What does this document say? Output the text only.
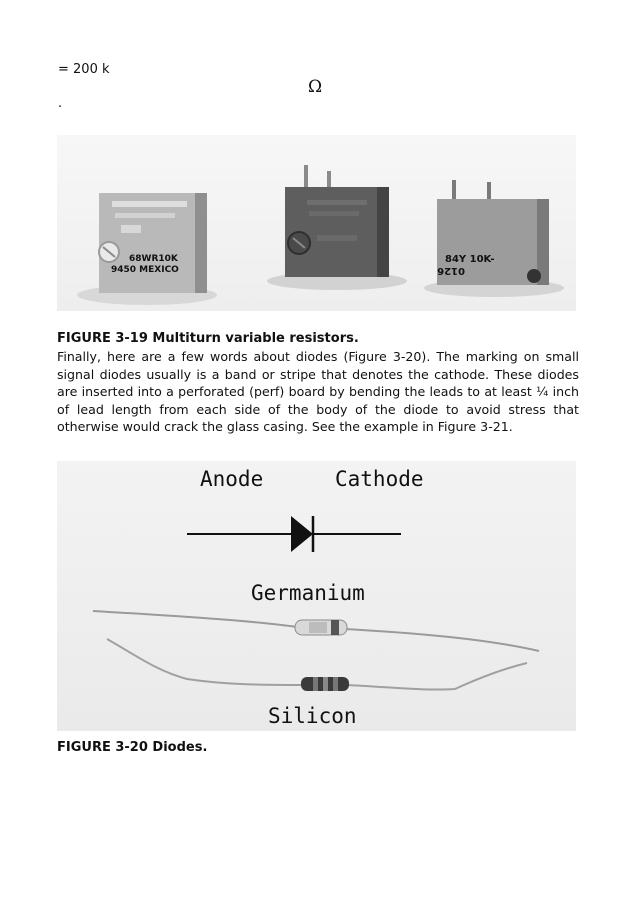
= 200 k
Ω
.
68WR10K
9450 MEXICO
84Y 10K-
0126
FIGURE 3-19 Multiturn variable resistors.

Finally, here are a few words about diodes (Figure 3-20). The marking on small signal diodes usually is a band or stripe that denotes the cathode. These diodes are inserted into a perforated (perf) board by bending the leads to at least ¼ inch of lead length from each side of the body of the diode to avoid stress that otherwise would crack the glass casing. See the example in Figure 3-21.

Anode	Cathode
Germanium
Silicon
FIGURE 3-20 Diodes.
